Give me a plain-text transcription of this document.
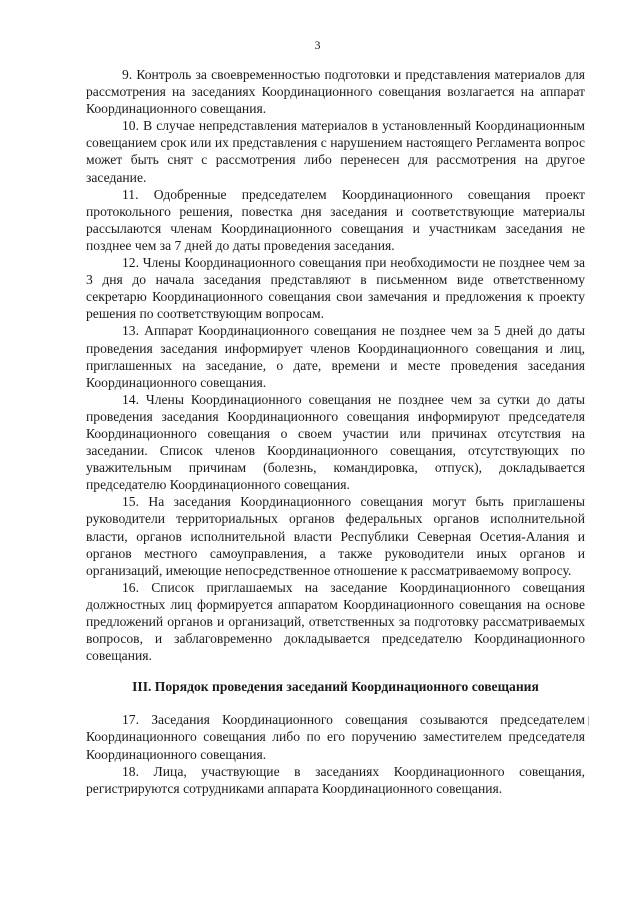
3

9. Контроль за своевременностью подготовки и представления материалов для рассмотрения на заседаниях Координационного совещания возлагается на аппарат Координационного совещания.

10. В случае непредставления материалов в установленный Координационным совещанием срок или их представления с нарушением настоящего Регламента вопрос может быть снят с рассмотрения либо перенесен для рассмотрения на другое заседание.

11. Одобренные председателем Координационного совещания проект протокольного решения, повестка дня заседания и соответствующие материалы рассылаются членам Координационного совещания и участникам заседания не позднее чем за 7 дней до даты проведения заседания.

12. Члены Координационного совещания при необходимости не позднее чем за 3 дня до начала заседания представляют в письменном виде ответственному секретарю Координационного совещания свои замечания и предложения к проекту решения по соответствующим вопросам.

13. Аппарат Координационного совещания не позднее чем за 5 дней до даты проведения заседания информирует членов Координационного совещания и лиц, приглашенных на заседание, о дате, времени и месте проведения заседания Координационного совещания.

14. Члены Координационного совещания не позднее чем за сутки до даты проведения заседания Координационного совещания информируют председателя Координационного совещания о своем участии или причинах отсутствия на заседании. Список членов Координационного совещания, отсутствующих по уважительным причинам (болезнь, командировка, отпуск), докладывается председателю Координационного совещания.

15. На заседания Координационного совещания могут быть приглашены руководители территориальных органов федеральных органов исполнительной власти, органов исполнительной власти Республики Северная Осетия-Алания и органов местного самоуправления, а также руководители иных органов и организаций, имеющие непосредственное отношение к рассматриваемому вопросу.

16. Список приглашаемых на заседание Координационного совещания должностных лиц формируется аппаратом Координационного совещания на основе предложений органов и организаций, ответственных за подготовку рассматриваемых вопросов, и заблаговременно докладывается председателю Координационного совещания.

III. Порядок проведения заседаний Координационного совещания

17. Заседания Координационного совещания созываются председателем Координационного совещания либо по его поручению заместителем председателя Координационного совещания.

18. Лица, участвующие в заседаниях Координационного совещания, регистрируются сотрудниками аппарата Координационного совещания.
